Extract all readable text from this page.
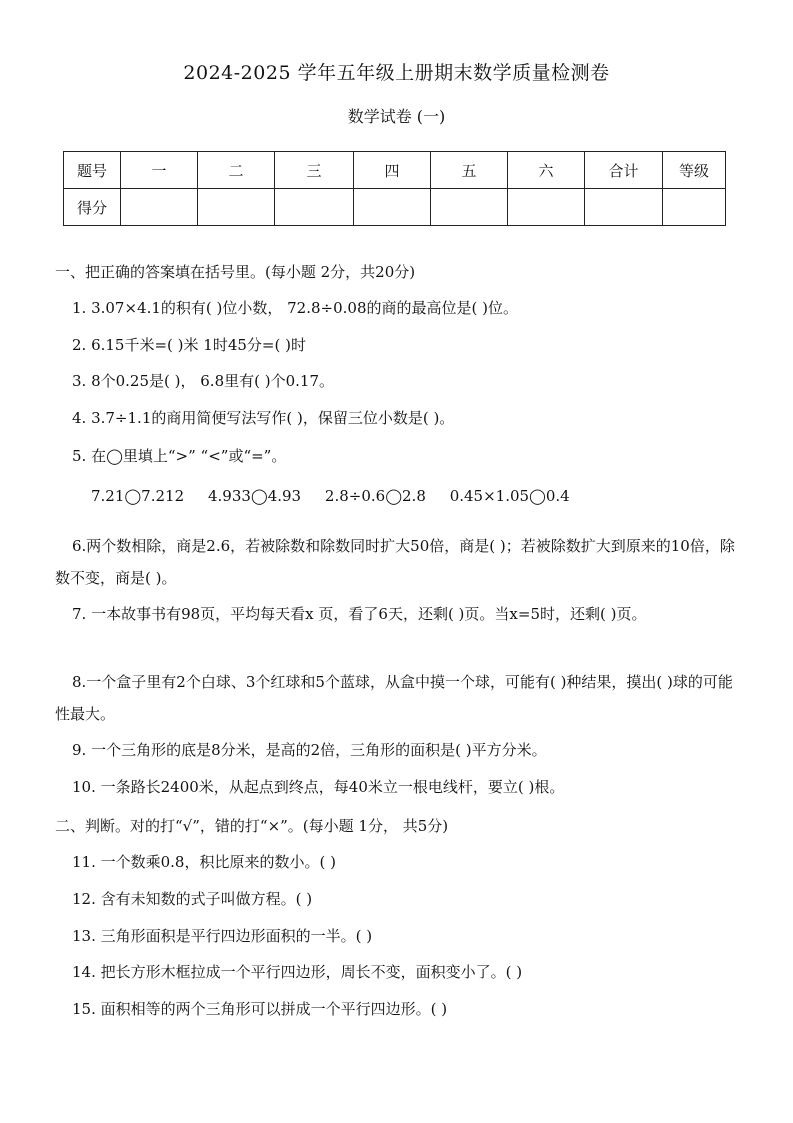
2024-2025 学年五年级上册期末数学质量检测卷
数学试卷 (一)
题号	一	二	三	四	五	六	合计	等级
得分								
一、把正确的答案填在括号里。(每小题 2分，共20分)
1. 3.07×4.1的积有( )位小数， 72.8÷0.08的商的最高位是( )位。
2. 6.15千米=( )米 1时45分=( )时
3. 8个0.25是( )， 6.8里有( )个0.17。
4. 3.7÷1.1的商用简便写法写作( )，保留三位小数是( )。
5. 在◯里填上“>” “<”或“=”。
7.21◯7.212     4.933◯4.93     2.8÷0.6◯2.8     0.45×1.05◯0.4
6.两个数相除，商是2.6，若被除数和除数同时扩大50倍，商是( )；若被除数扩大到原来的10倍，除数不变，商是( )。
7. 一本故事书有98页，平均每天看x 页，看了6天，还剩( )页。当x=5时，还剩( )页。
8.一个盒子里有2个白球、3个红球和5个蓝球，从盒中摸一个球，可能有( )种结果，摸出( )球的可能性最大。
9. 一个三角形的底是8分米，是高的2倍，三角形的面积是( )平方分米。
10. 一条路长2400米，从起点到终点，每40米立一根电线杆，要立( )根。
二、判断。对的打“√”，错的打“×”。(每小题 1分， 共5分)
11. 一个数乘0.8，积比原来的数小。( )
12. 含有未知数的式子叫做方程。( )
13. 三角形面积是平行四边形面积的一半。( )
14. 把长方形木框拉成一个平行四边形，周长不变，面积变小了。( )
15. 面积相等的两个三角形可以拼成一个平行四边形。( )
